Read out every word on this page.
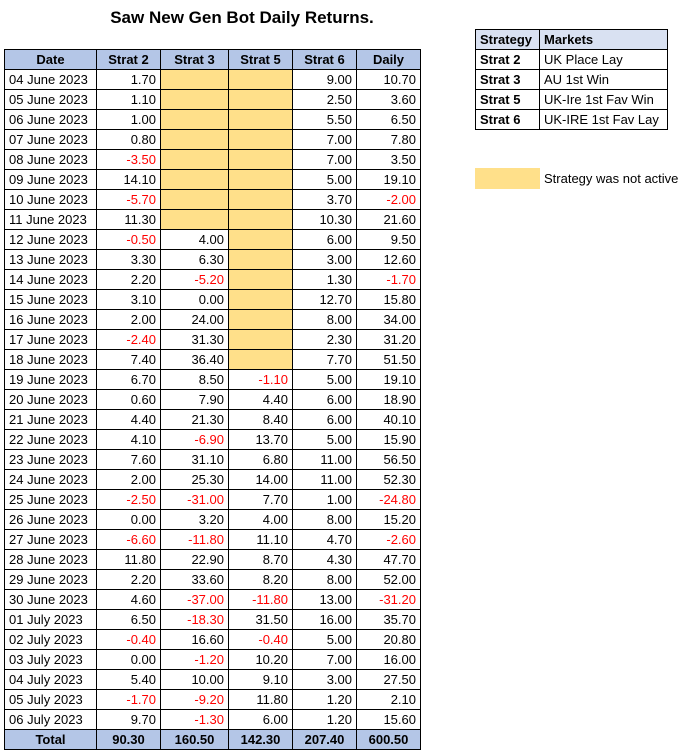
Saw New Gen Bot Daily Returns.
Date	Strat 2	Strat 3	Strat 5	Strat 6	Daily
04 June 2023	1.70			9.00	10.70
05 June 2023	1.10			2.50	3.60
06 June 2023	1.00			5.50	6.50
07 June 2023	0.80			7.00	7.80
08 June 2023	-3.50			7.00	3.50
09 June 2023	14.10			5.00	19.10
10 June 2023	-5.70			3.70	-2.00
11 June 2023	11.30			10.30	21.60
12 June 2023	-0.50	4.00		6.00	9.50
13 June 2023	3.30	6.30		3.00	12.60
14 June 2023	2.20	-5.20		1.30	-1.70
15 June 2023	3.10	0.00		12.70	15.80
16 June 2023	2.00	24.00		8.00	34.00
17 June 2023	-2.40	31.30		2.30	31.20
18 June 2023	7.40	36.40		7.70	51.50
19 June 2023	6.70	8.50	-1.10	5.00	19.10
20 June 2023	0.60	7.90	4.40	6.00	18.90
21 June 2023	4.40	21.30	8.40	6.00	40.10
22 June 2023	4.10	-6.90	13.70	5.00	15.90
23 June 2023	7.60	31.10	6.80	11.00	56.50
24 June 2023	2.00	25.30	14.00	11.00	52.30
25 June 2023	-2.50	-31.00	7.70	1.00	-24.80
26 June 2023	0.00	3.20	4.00	8.00	15.20
27 June 2023	-6.60	-11.80	11.10	4.70	-2.60
28 June 2023	11.80	22.90	8.70	4.30	47.70
29 June 2023	2.20	33.60	8.20	8.00	52.00
30 June 2023	4.60	-37.00	-11.80	13.00	-31.20
01 July 2023	6.50	-18.30	31.50	16.00	35.70
02 July 2023	-0.40	16.60	-0.40	5.00	20.80
03 July 2023	0.00	-1.20	10.20	7.00	16.00
04 July 2023	5.40	10.00	9.10	3.00	27.50
05 July 2023	-1.70	-9.20	11.80	1.20	2.10
06 July 2023	9.70	-1.30	6.00	1.20	15.60
Total	90.30	160.50	142.30	207.40	600.50
Strategy	Markets
Strat 2	UK Place Lay
Strat 3	AU 1st Win
Strat 5	UK-Ire 1st Fav Win
Strat 6	UK-IRE 1st Fav Lay
Strategy was not active
